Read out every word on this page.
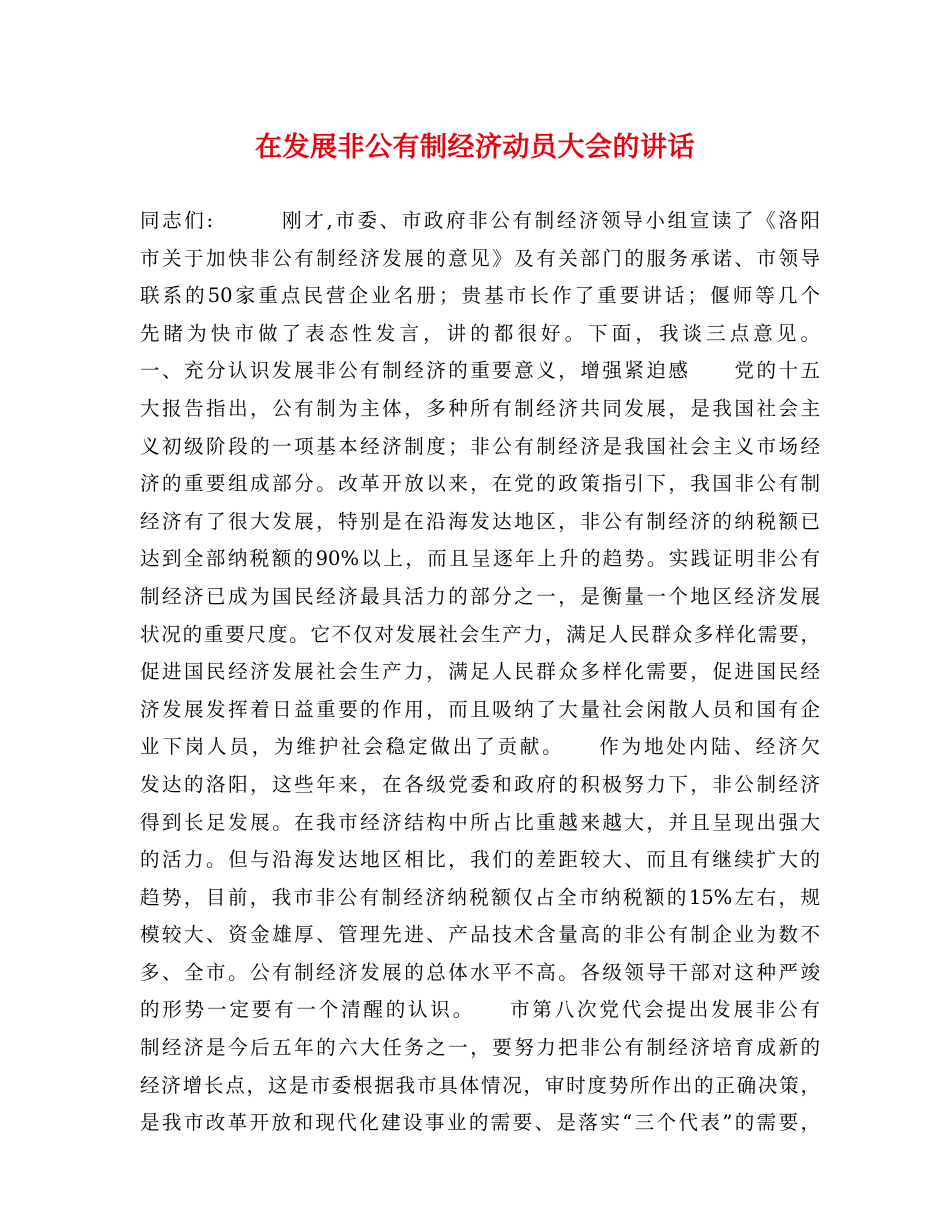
在发展非公有制经济动员大会的讲话
同志们:　　　刚才,市委、市政府非公有制经济领导小组宣读了《洛阳
市关于加快非公有制经济发展的意见》及有关部门的服务承诺、市领导
联系的50家重点民营企业名册；贵基市长作了重要讲话；偃师等几个
先睹为快市做了表态性发言，讲的都很好。下面，我谈三点意见。
一、充分认识发展非公有制经济的重要意义，增强紧迫感　　党的十五
大报告指出，公有制为主体，多种所有制经济共同发展，是我国社会主
义初级阶段的一项基本经济制度；非公有制经济是我国社会主义市场经
济的重要组成部分。改革开放以来，在党的政策指引下，我国非公有制
经济有了很大发展，特别是在沿海发达地区，非公有制经济的纳税额已
达到全部纳税额的90%以上，而且呈逐年上升的趋势。实践证明非公有
制经济已成为国民经济最具活力的部分之一，是衡量一个地区经济发展
状况的重要尺度。它不仅对发展社会生产力，满足人民群众多样化需要，
促进国民经济发展社会生产力，满足人民群众多样化需要，促进国民经
济发展发挥着日益重要的作用，而且吸纳了大量社会闲散人员和国有企
业下岗人员，为维护社会稳定做出了贡献。　　作为地处内陆、经济欠
发达的洛阳，这些年来，在各级党委和政府的积极努力下，非公制经济
得到长足发展。在我市经济结构中所占比重越来越大，并且呈现出强大
的活力。但与沿海发达地区相比，我们的差距较大、而且有继续扩大的
趋势，目前，我市非公有制经济纳税额仅占全市纳税额的15%左右，规
模较大、资金雄厚、管理先进、产品技术含量高的非公有制企业为数不
多、全市。公有制经济发展的总体水平不高。各级领导干部对这种严竣
的形势一定要有一个清醒的认识。　　市第八次党代会提出发展非公有
制经济是今后五年的六大任务之一，要努力把非公有制经济培育成新的
经济增长点，这是市委根据我市具体情况，审时度势所作出的正确决策，
是我市改革开放和现代化建设事业的需要、是落实“三个代表”的需要，
